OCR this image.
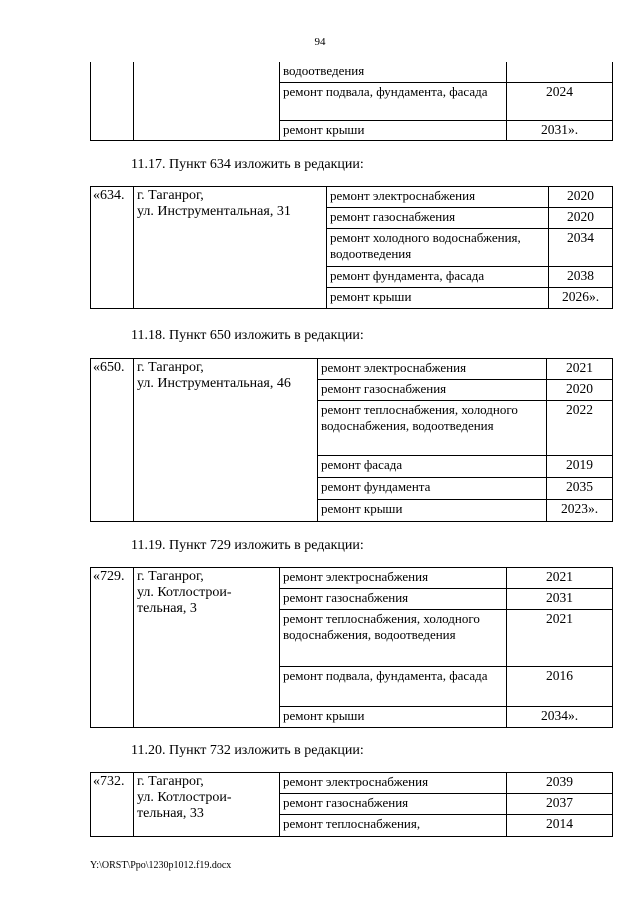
94
		водоотведения	
		ремонт подвала, фундамента, фасада	2024
		ремонт крыши	2031».
11.17. Пункт 634 изложить в редакции:
«634.	г. Таганрог,
ул. Инструментальная, 31	ремонт электроснабжения	2020
		ремонт газоснабжения	2020
		ремонт холодного водоснабжения, водоотведения	2034
		ремонт фундамента, фасада	2038
		ремонт крыши	2026».
11.18. Пункт 650 изложить в редакции:
«650.	г. Таганрог,
ул. Инструментальная, 46	ремонт электроснабжения	2021
		ремонт газоснабжения	2020
		ремонт теплоснабжения, холодного водоснабжения, водоотведения	2022
		ремонт фасада	2019
		ремонт фундамента	2035
		ремонт крыши	2023».
11.19. Пункт 729 изложить в редакции:
«729.	г. Таганрог,
ул. Котлострои-
тельная, 3	ремонт электроснабжения	2021
		ремонт газоснабжения	2031
		ремонт теплоснабжения, холодного водоснабжения, водоотведения	2021
		ремонт подвала, фундамента, фасада	2016
		ремонт крыши	2034».
11.20. Пункт 732 изложить в редакции:
«732.	г. Таганрог,
ул. Котлострои-
тельная, 33	ремонт электроснабжения	2039
		ремонт газоснабжения	2037
		ремонт теплоснабжения,	2014
Y:\ORST\Ppo\1230p1012.f19.docx
